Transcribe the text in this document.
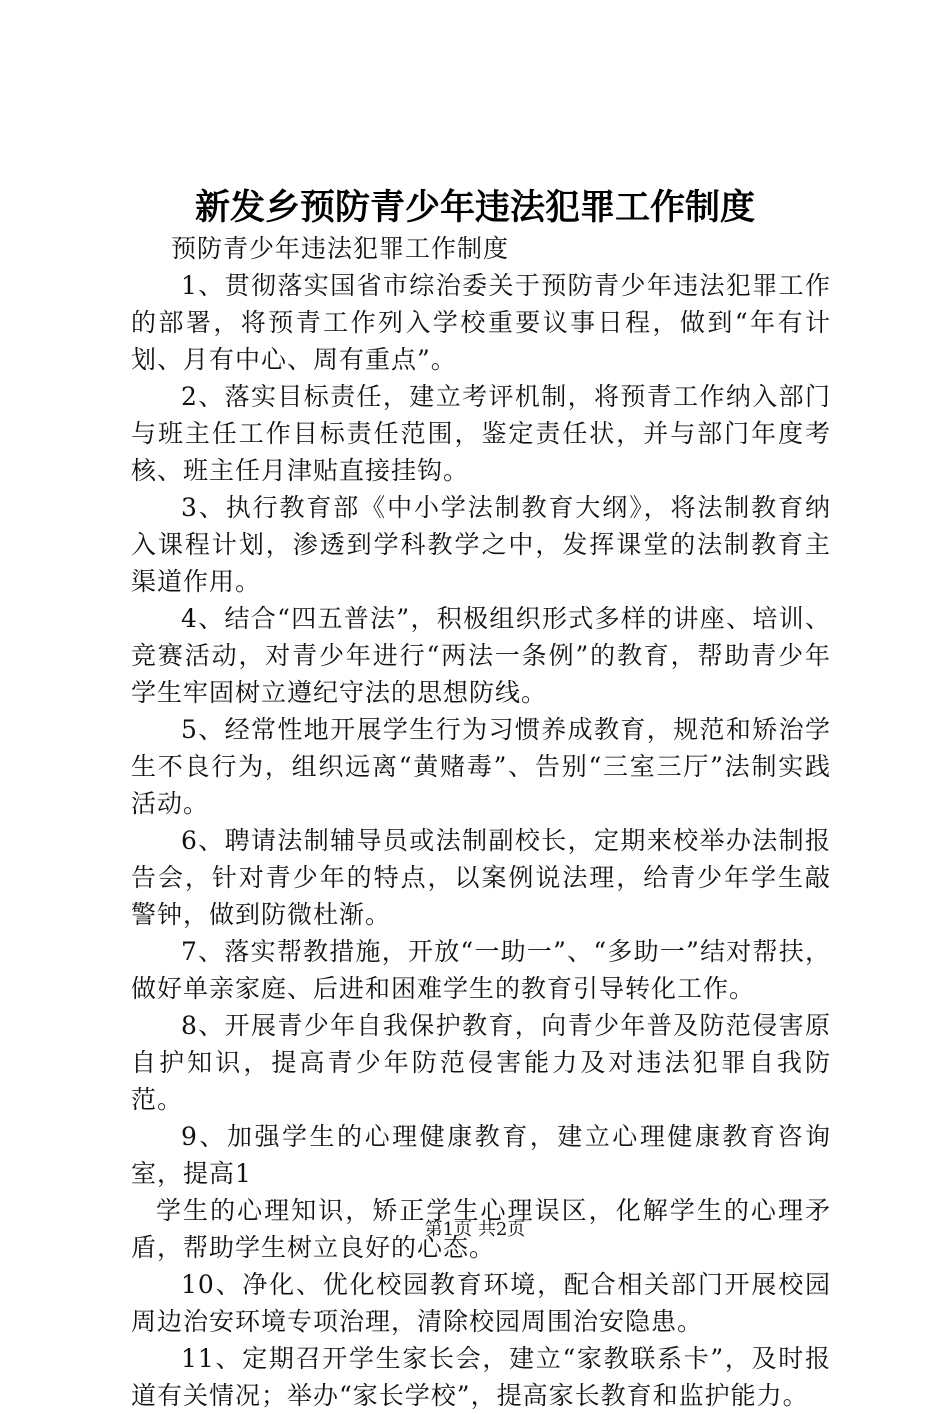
新发乡预防青少年违法犯罪工作制度

预防青少年违法犯罪工作制度

1、贯彻落实国省市综治委关于预防青少年违法犯罪工作的部署，将预青工作列入学校重要议事日程，做到“年有计划、月有中心、周有重点”。

2、落实目标责任，建立考评机制，将预青工作纳入部门与班主任工作目标责任范围，鉴定责任状，并与部门年度考核、班主任月津贴直接挂钩。

3、执行教育部《中小学法制教育大纲》，将法制教育纳入课程计划，渗透到学科教学之中，发挥课堂的法制教育主渠道作用。

4、结合“四五普法”，积极组织形式多样的讲座、培训、竞赛活动，对青少年进行“两法一条例”的教育，帮助青少年学生牢固树立遵纪守法的思想防线。

5、经常性地开展学生行为习惯养成教育，规范和矫治学生不良行为，组织远离“黄赌毒”、告别“三室三厅”法制实践活动。

6、聘请法制辅导员或法制副校长，定期来校举办法制报告会，针对青少年的特点，以案例说法理，给青少年学生敲警钟，做到防微杜渐。

7、落实帮教措施，开放“一助一”、“多助一”结对帮扶，做好单亲家庭、后进和困难学生的教育引导转化工作。

8、开展青少年自我保护教育，向青少年普及防范侵害原自护知识，提高青少年防范侵害能力及对违法犯罪自我防范。

9、加强学生的心理健康教育，建立心理健康教育咨询室，提高1

学生的心理知识，矫正学生心理误区，化解学生的心理矛盾，帮助学生树立良好的心态。

10、净化、优化校园教育环境，配合相关部门开展校园周边治安环境专项治理，清除校园周围治安隐患。

11、定期召开学生家长会，建立“家教联系卡”，及时报道有关情况；举办“家长学校”，提高家长教育和监护能力。

第1页 共2页
